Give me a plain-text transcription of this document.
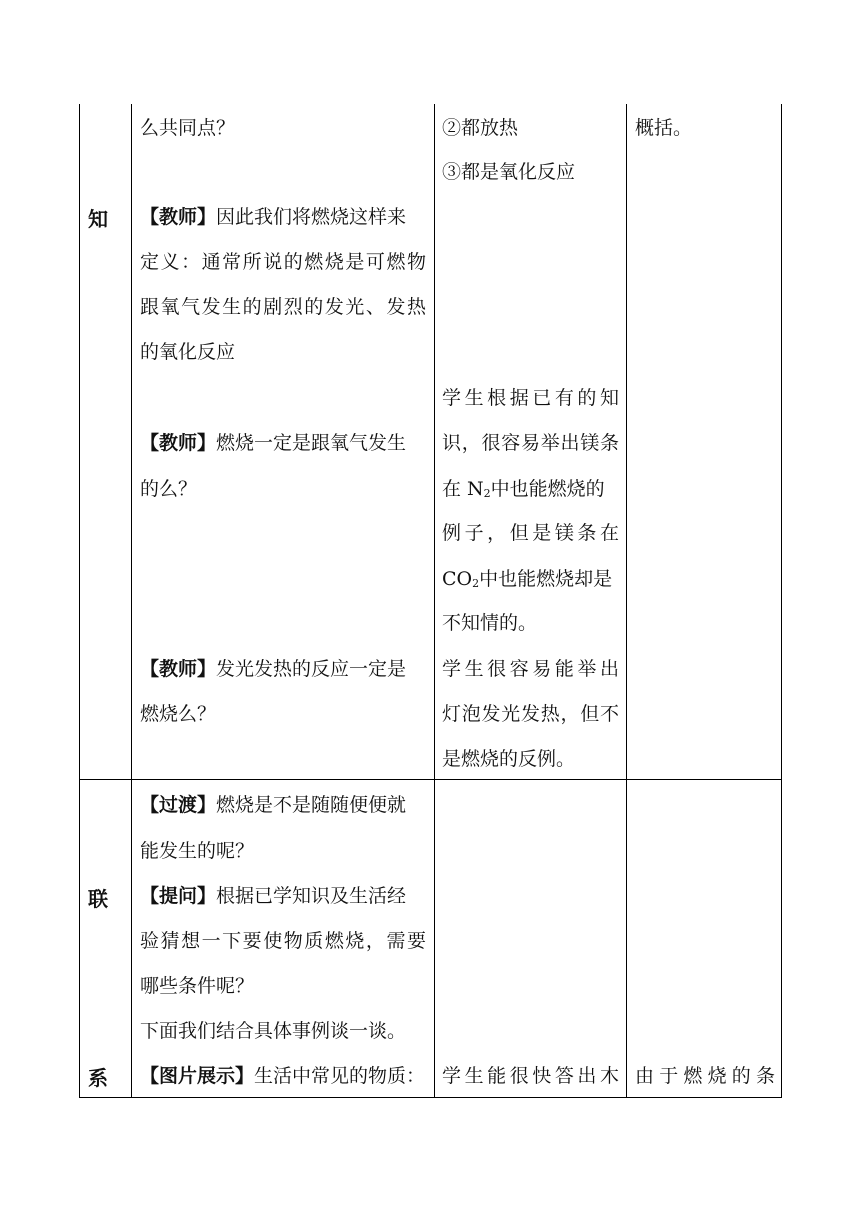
知
联
系
么共同点？
【教师】因此我们将燃烧这样来
定义：通常所说的燃烧是可燃物
跟氧气发生的剧烈的发光、发热
的氧化反应
【教师】燃烧一定是跟氧气发生
的么？
【教师】发光发热的反应一定是
燃烧么？
【过渡】燃烧是不是随随便便就
能发生的呢？
【提问】根据已学知识及生活经
验猜想一下要使物质燃烧，需要
哪些条件呢？
下面我们结合具体事例谈一谈。
【图片展示】生活中常见的物质：
②都放热
③都是氧化反应
学生根据已有的知
识，很容易举出镁条
在 N2中也能燃烧的
例子，但是镁条在
CO2中也能燃烧却是
不知情的。
学生很容易能举出
灯泡发光发热，但不
是燃烧的反例。
学生能很快答出木
概括。
由于燃烧的条
